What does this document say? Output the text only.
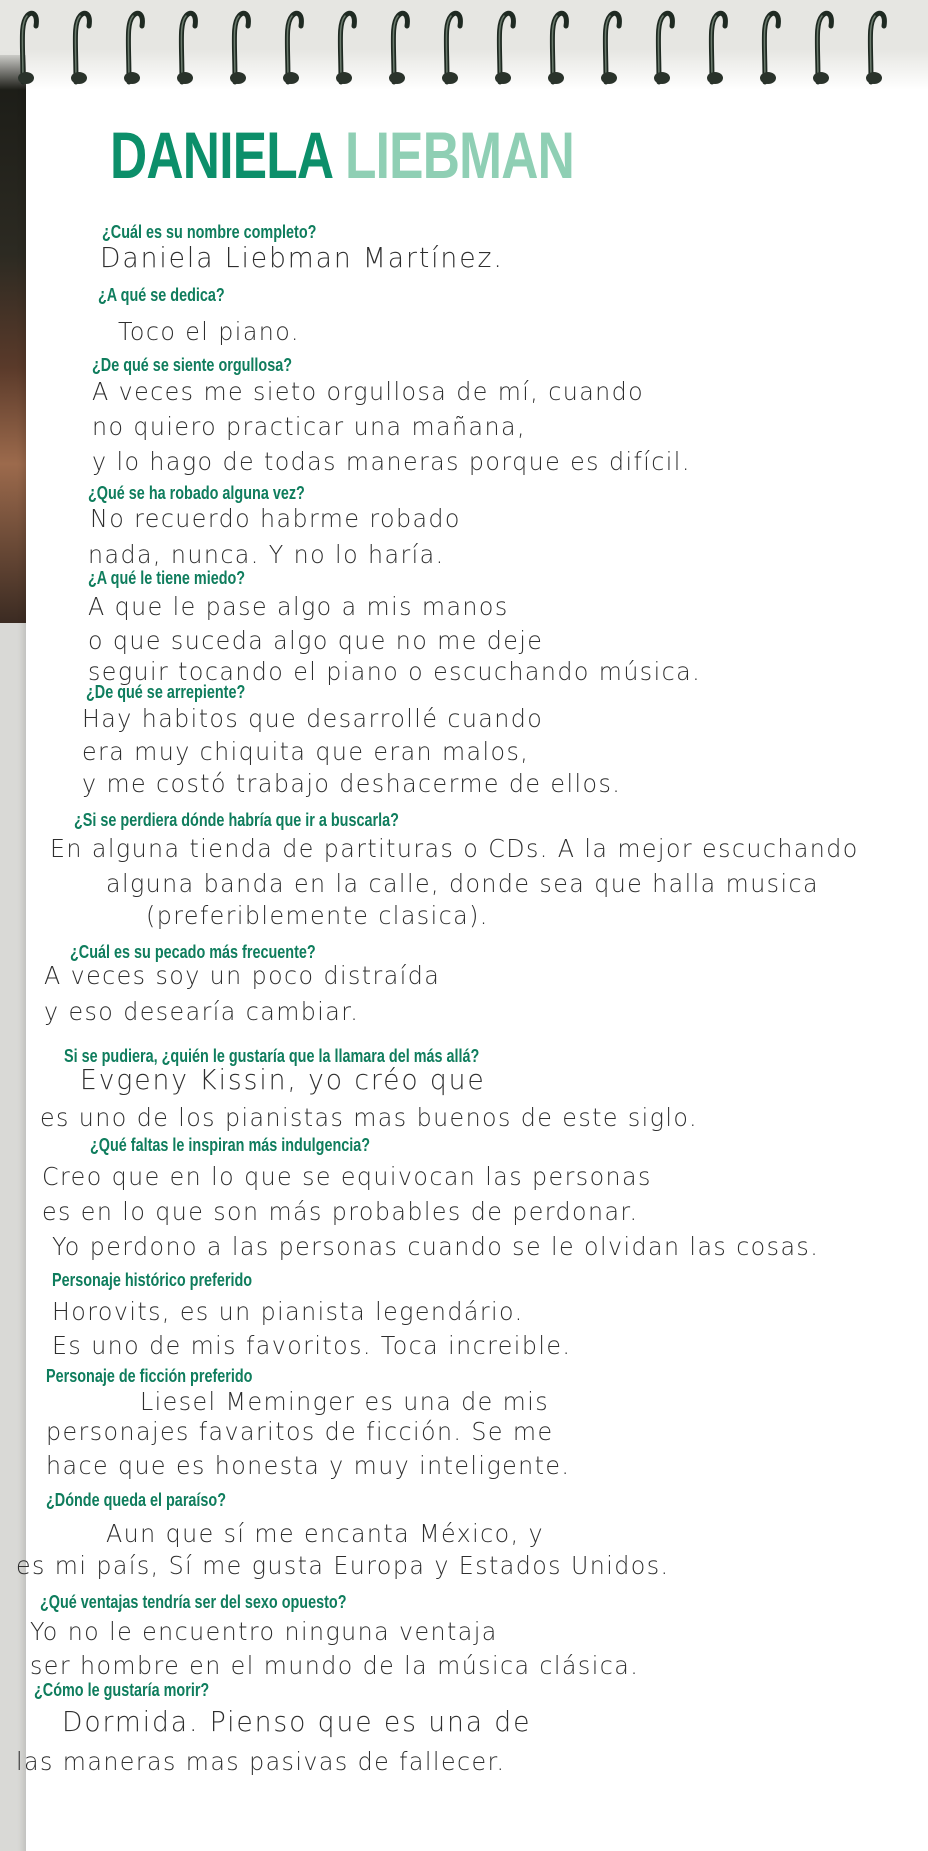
DANIELA LIEBMAN
¿Cuál es su nombre completo?
Daniela Liebman Martínez.
¿A qué se dedica?
Toco el piano.
¿De qué se siente orgullosa?
A veces me sieto orgullosa de mí, cuando
no quiero practicar una mañana,
y lo hago de todas maneras porque es difícil.
¿Qué se ha robado alguna vez?
No recuerdo habrme robado
nada, nunca. Y no lo haría.
¿A qué le tiene miedo?
A que le pase algo a mis manos
o que suceda algo que no me deje
seguir tocando el piano o escuchando música.
¿De qué se arrepiente?
Hay habitos que desarrollé cuando
era muy chiquita que eran malos,
y me costó trabajo deshacerme de ellos.
¿Si se perdiera dónde habría que ir a buscarla?
En alguna tienda de partituras o CDs. A la mejor escuchando
alguna banda en la calle, donde sea que halla musica
(preferiblemente clasica).
¿Cuál es su pecado más frecuente?
A veces soy un poco distraída
y eso desearía cambiar.
Si se pudiera, ¿quién le gustaría que la llamara del más allá?
Evgeny Kissin, yo créo que
es uno de los pianistas mas buenos de este siglo.
¿Qué faltas le inspiran más indulgencia?
Creo que en lo que se equivocan las personas
es en lo que son más probables de perdonar.
Yo perdono a las personas cuando se le olvidan las cosas.
Personaje histórico preferido
Horovits, es un pianista legendário.
Es uno de mis favoritos. Toca increible.
Personaje de ficción preferido
Liesel Meminger es una de mis
personajes favaritos de ficción. Se me
hace que es honesta y muy inteligente.
¿Dónde queda el paraíso?
Aun que sí me encanta México, y
es mi país, Sí me gusta Europa y Estados Unidos.
¿Qué ventajas tendría ser del sexo opuesto?
Yo no le encuentro ninguna ventaja
ser hombre en el mundo de la música clásica.
¿Cómo le gustaría morir?
Dormida. Pienso que es una de
las maneras mas pasivas de fallecer.
